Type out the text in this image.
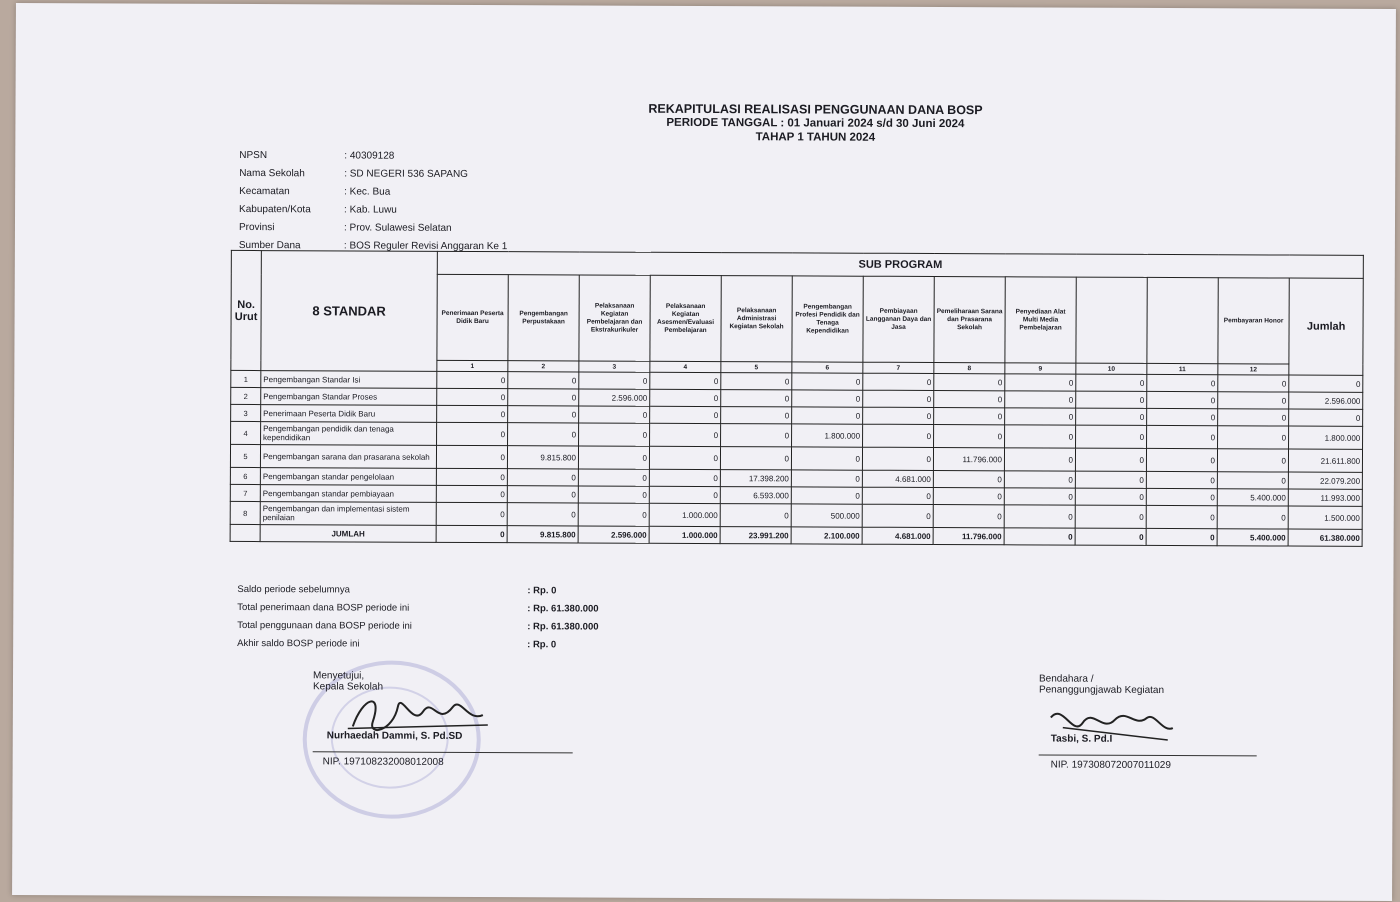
REKAPITULASI REALISASI PENGGUNAAN DANA BOSP
PERIODE TANGGAL : 01 Januari 2024 s/d 30 Juni 2024
TAHAP 1 TAHUN 2024
NPSN	: 40309128
Nama Sekolah	: SD NEGERI 536 SAPANG
Kecamatan	: Kec. Bua
Kabupaten/Kota	: Kab. Luwu
Provinsi	: Prov. Sulawesi Selatan
Sumber Dana	: BOS Reguler Revisi Anggaran Ke 1
No. Urut	8 STANDAR	SUB PROGRAM												
		Penerimaan Peserta Didik Baru	Pengembangan Perpustakaan	Pelaksanaan Kegiatan Pembelajaran dan Ekstrakurikuler	Pelaksanaan Kegiatan Asesmen/Evaluasi Pembelajaran	Pelaksanaan Administrasi Kegiatan Sekolah	Pengembangan Profesi Pendidik dan Tenaga Kependidikan	Pembiayaan Langganan Daya dan Jasa	Pemeliharaan Sarana dan Prasarana Sekolah	Penyediaan Alat Multi Media Pembelajaran			Pembayaran Honor	Jumlah
		1	2	3	4	5	6	7	8	9	10	11	12	
1	Pengembangan Standar Isi	0	0	0	0	0	0	0	0	0	0	0	0	0
2	Pengembangan Standar Proses	0	0	2.596.000	0	0	0	0	0	0	0	0	0	2.596.000
3	Penerimaan Peserta Didik Baru	0	0	0	0	0	0	0	0	0	0	0	0	0
4	Pengembangan pendidik dan tenaga kependidikan	0	0	0	0	0	1.800.000	0	0	0	0	0	0	1.800.000
5	Pengembangan sarana dan prasarana sekolah	0	9.815.800	0	0	0	0	0	11.796.000	0	0	0	0	21.611.800
6	Pengembangan standar pengelolaan	0	0	0	0	17.398.200	0	4.681.000	0	0	0	0	0	22.079.200
7	Pengembangan standar pembiayaan	0	0	0	0	6.593.000	0	0	0	0	0	0	5.400.000	11.993.000
8	Pengembangan dan implementasi sistem penilaian	0	0	0	1.000.000	0	500.000	0	0	0	0	0	0	1.500.000
	JUMLAH	0	9.815.800	2.596.000	1.000.000	23.991.200	2.100.000	4.681.000	11.796.000	0	0	0	5.400.000	61.380.000
Saldo periode sebelumnya	: Rp. 0
Total penerimaan dana BOSP periode ini	: Rp. 61.380.000
Total penggunaan dana BOSP periode ini	: Rp. 61.380.000
Akhir saldo BOSP periode ini	: Rp. 0
Menyetujui,
Kepala Sekolah
Nurhaedah Dammi, S. Pd.SD
NIP. 197108232008012008
Bendahara /
Penanggungjawab Kegiatan
Tasbi, S. Pd.I
NIP. 197308072007011029
